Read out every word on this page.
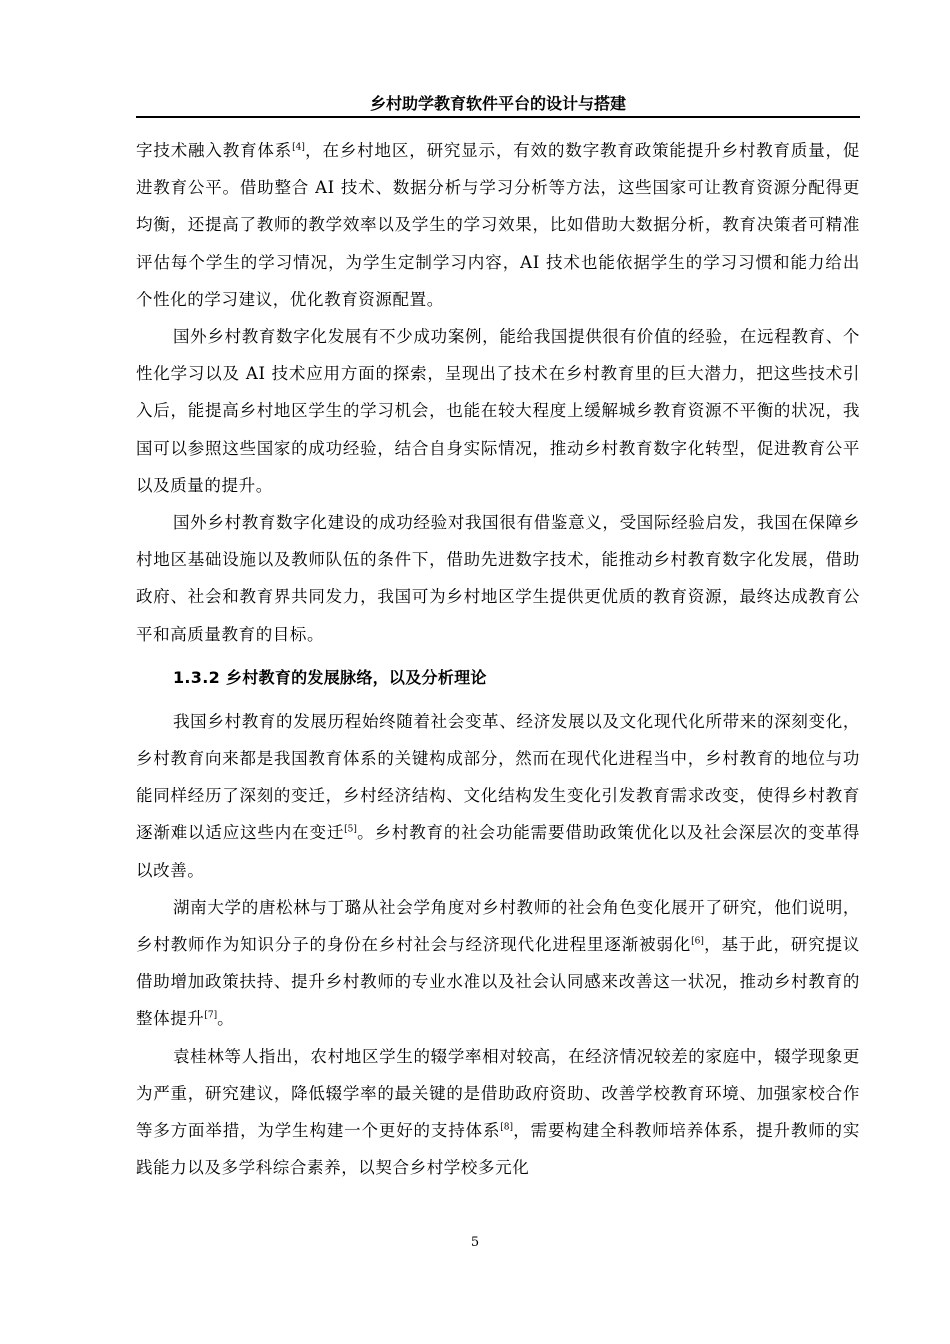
乡村助学教育软件平台的设计与搭建

字技术融入教育体系[4]，在乡村地区，研究显示，有效的数字教育政策能提升乡村教育质量，促进教育公平。借助整合 AI 技术、数据分析与学习分析等方法，这些国家可让教育资源分配得更均衡，还提高了教师的教学效率以及学生的学习效果，比如借助大数据分析，教育决策者可精准评估每个学生的学习情况，为学生定制学习内容，AI 技术也能依据学生的学习习惯和能力给出个性化的学习建议，优化教育资源配置。

国外乡村教育数字化发展有不少成功案例，能给我国提供很有价值的经验，在远程教育、个性化学习以及 AI 技术应用方面的探索，呈现出了技术在乡村教育里的巨大潜力，把这些技术引入后，能提高乡村地区学生的学习机会，也能在较大程度上缓解城乡教育资源不平衡的状况，我国可以参照这些国家的成功经验，结合自身实际情况，推动乡村教育数字化转型，促进教育公平以及质量的提升。

国外乡村教育数字化建设的成功经验对我国很有借鉴意义，受国际经验启发，我国在保障乡村地区基础设施以及教师队伍的条件下，借助先进数字技术，能推动乡村教育数字化发展，借助政府、社会和教育界共同发力，我国可为乡村地区学生提供更优质的教育资源，最终达成教育公平和高质量教育的目标。

1.3.2 乡村教育的发展脉络，以及分析理论

我国乡村教育的发展历程始终随着社会变革、经济发展以及文化现代化所带来的深刻变化，乡村教育向来都是我国教育体系的关键构成部分，然而在现代化进程当中，乡村教育的地位与功能同样经历了深刻的变迁，乡村经济结构、文化结构发生变化引发教育需求改变，使得乡村教育逐渐难以适应这些内在变迁[5]。乡村教育的社会功能需要借助政策优化以及社会深层次的变革得以改善。

湖南大学的唐松林与丁璐从社会学角度对乡村教师的社会角色变化展开了研究，他们说明，乡村教师作为知识分子的身份在乡村社会与经济现代化进程里逐渐被弱化[6]，基于此，研究提议借助增加政策扶持、提升乡村教师的专业水准以及社会认同感来改善这一状况，推动乡村教育的整体提升[7]。

袁桂林等人指出，农村地区学生的辍学率相对较高，在经济情况较差的家庭中，辍学现象更为严重，研究建议，降低辍学率的最关键的是借助政府资助、改善学校教育环境、加强家校合作等多方面举措，为学生构建一个更好的支持体系[8]，需要构建全科教师培养体系，提升教师的实践能力以及多学科综合素养，以契合乡村学校多元化

5
